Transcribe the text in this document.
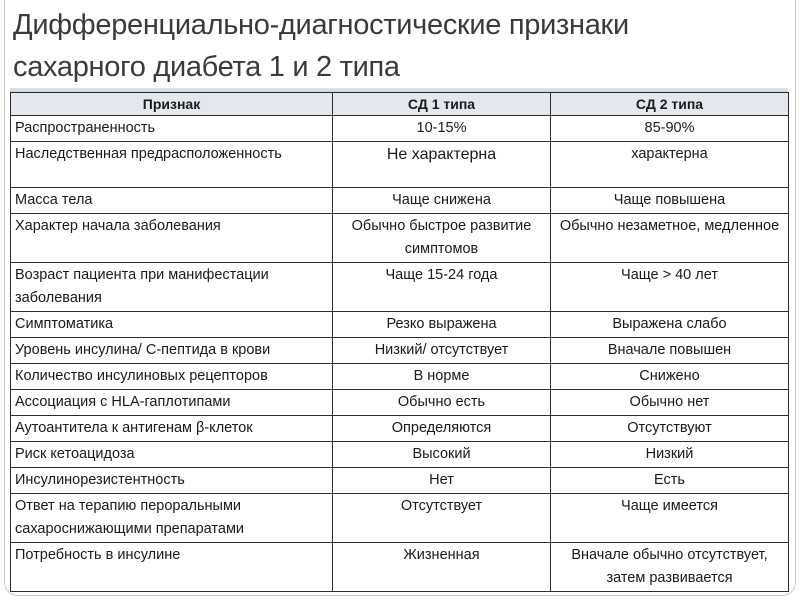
Дифференциально-диагностические признаки
сахарного диабета 1 и 2 типа
Признак	СД 1 типа	СД 2 типа
Распространенность	10-15%	85-90%
Наследственная предрасположенность	Не характерна	характерна
Масса тела	Чаще снижена	Чаще повышена
Характер начала заболевания	Обычно быстрое развитие симптомов	Обычно незаметное, медленное
Возраст пациента при манифестации заболевания	Чаще 15-24 года	Чаще > 40 лет
Симптоматика	Резко выражена	Выражена слабо
Уровень инсулина/ С-пептида в крови	Низкий/ отсутствует	Вначале повышен
Количество инсулиновых рецепторов	В норме	Снижено
Ассоциация с HLA-гаплотипами	Обычно есть	Обычно нет
Аутоантитела к антигенам β-клеток	Определяются	Отсутствуют
Риск кетоацидоза	Высокий	Низкий
Инсулинорезистентность	Нет	Есть
Ответ на терапию пероральными сахароснижающими препаратами	Отсутствует	Чаще имеется
Потребность в инсулине	Жизненная	Вначале обычно отсутствует, затем развивается
